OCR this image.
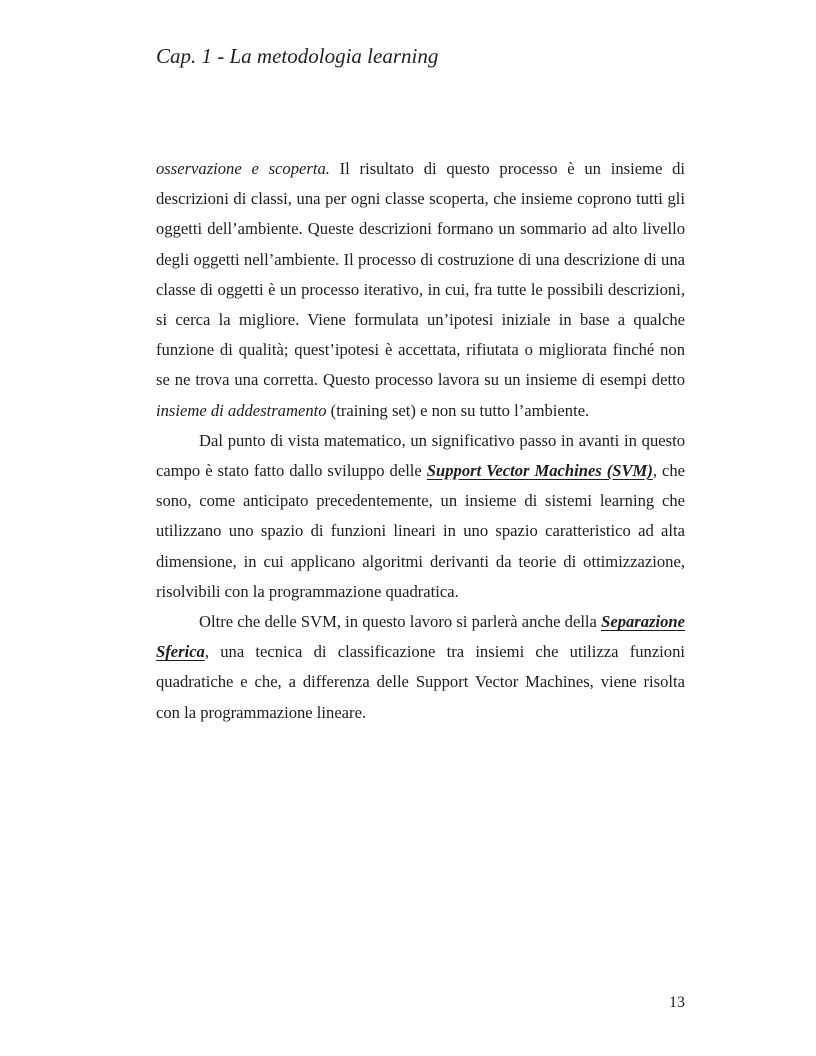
Cap. 1 - La metodologia learning

osservazione e scoperta. Il risultato di questo processo è un insieme di descrizioni di classi, una per ogni classe scoperta, che insieme coprono tutti gli oggetti dell’ambiente. Queste descrizioni formano un sommario ad alto livello degli oggetti nell’ambiente. Il processo di costruzione di una descrizione di una classe di oggetti è un processo iterativo, in cui, fra tutte le possibili descrizioni, si cerca la migliore. Viene formulata un’ipotesi iniziale in base a qualche funzione di qualità; quest’ipotesi è accettata, rifiutata o migliorata finché non se ne trova una corretta. Questo processo lavora su un insieme di esempi detto insieme di addestramento (training set) e non su tutto l’ambiente.

Dal punto di vista matematico, un significativo passo in avanti in questo campo è stato fatto dallo sviluppo delle Support Vector Machines (SVM), che sono, come anticipato precedentemente, un insieme di sistemi learning che utilizzano uno spazio di funzioni lineari in uno spazio caratteristico ad alta dimensione, in cui applicano algoritmi derivanti da teorie di ottimizzazione, risolvibili con la programmazione quadratica.

Oltre che delle SVM, in questo lavoro si parlerà anche della Separazione Sferica, una tecnica di classificazione tra insiemi che utilizza funzioni quadratiche e che, a differenza delle Support Vector Machines, viene risolta con la programmazione lineare.

13
